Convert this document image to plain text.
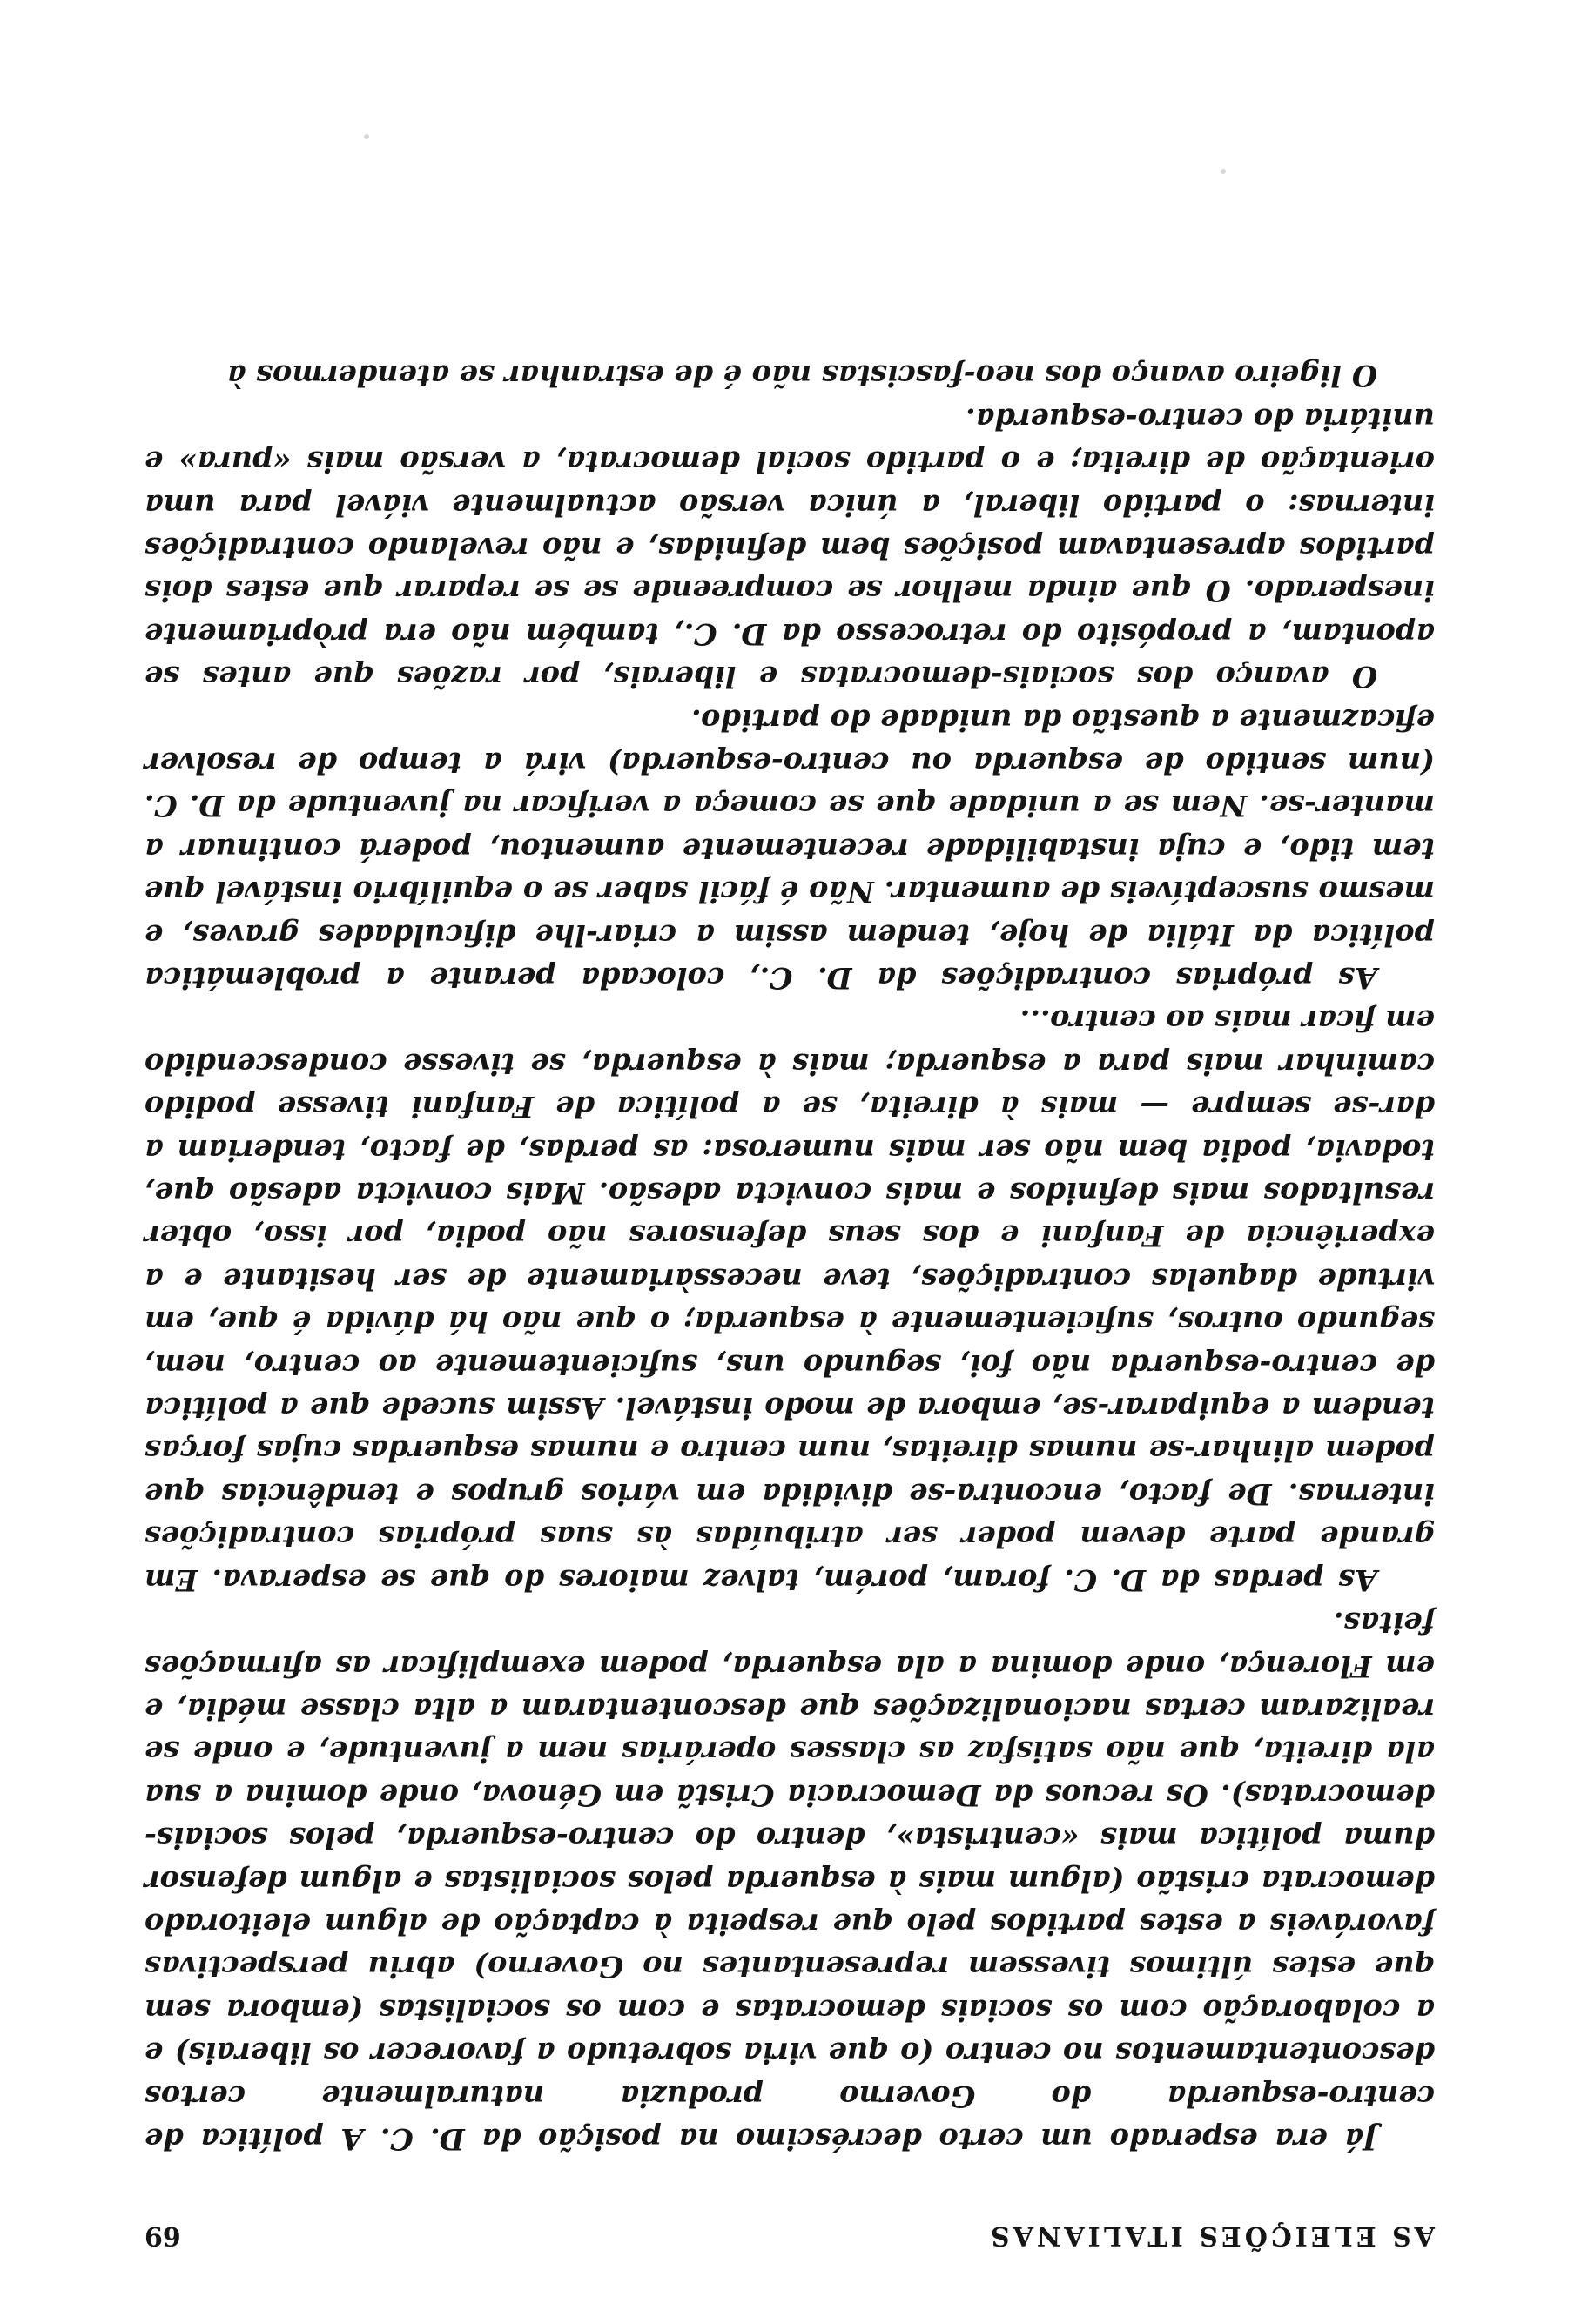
AS ELEIÇÕES ITALIANAS
69

Já era esperado um certo decréscimo na posição da D. C. A política de centro-esquerda do Governo produzia naturalmente certos descontentamentos no centro (o que viria sobretudo a favorecer os liberais) e a colaboração com os sociais democratas e com os socialistas (embora sem que estes últimos tivessem representantes no Governo) abriu perspectivas favoráveis a estes partidos pelo que respeita à captação de algum eleitorado democrata cristão (algum mais à esquerda pelos socialistas e algum defensor duma política mais «centrista», dentro do centro-esquerda, pelos sociais-democratas). Os recuos da Democracia Cristã em Génova, onde domina a sua ala direita, que não satisfaz as classes operárias nem a juventude, e onde se realizaram certas nacionalizações que descontentaram a alta classe média, e em Florença, onde domina a ala esquerda, podem exemplificar as afirmações feitas.

As perdas da D. C. foram, porém, talvez maiores do que se esperava. Em grande parte devem poder ser atribuídas às suas próprias contradições internas. De facto, encontra-se dividida em vários grupos e tendências que podem alinhar-se numas direitas, num centro e numas esquerdas cujas forças tendem a equiparar-se, embora de modo instável. Assim sucede que a política de centro-esquerda não foi, segundo uns, suficientemente ao centro, nem, segundo outros, suficientemente à esquerda; o que não há dúvida é que, em virtude daquelas contradições, teve necessàriamente de ser hesitante e a experiência de Fanfani e dos seus defensores não podia, por isso, obter resultados mais definidos e mais convicta adesão. Mais convicta adesão que, todavia, podia bem não ser mais numerosa: as perdas, de facto, tenderiam a dar-se sempre — mais à direita, se a política de Fanfani tivesse podido caminhar mais para a esquerda; mais à esquerda, se tivesse condescendido em ficar mais ao centro...

As próprias contradições da D. C., colocada perante a problemática política da Itália de hoje, tendem assim a criar-lhe dificuldades graves, e mesmo susceptíveis de aumentar. Não é fácil saber se o equilíbrio instável que tem tido, e cuja instabilidade recentemente aumentou, poderá continuar a manter-se. Nem se a unidade que se começa a verificar na juventude da D. C. (num sentido de esquerda ou centro-esquerda) virá a tempo de resolver eficazmente a questão da unidade do partido.

O avanço dos sociais-democratas e liberais, por razões que antes se apontam, a propósito do retrocesso da D. C., também não era pròpriamente inesperado. O que ainda melhor se compreende se se reparar que estes dois partidos apresentavam posições bem definidas, e não revelando contradições internas: o partido liberal, a única versão actualmente viável para uma orientação de direita; e o partido social democrata, a versão mais «pura» e unitária do centro-esquerda.

O ligeiro avanço dos neo-fascistas não é de estranhar se atendermos à
